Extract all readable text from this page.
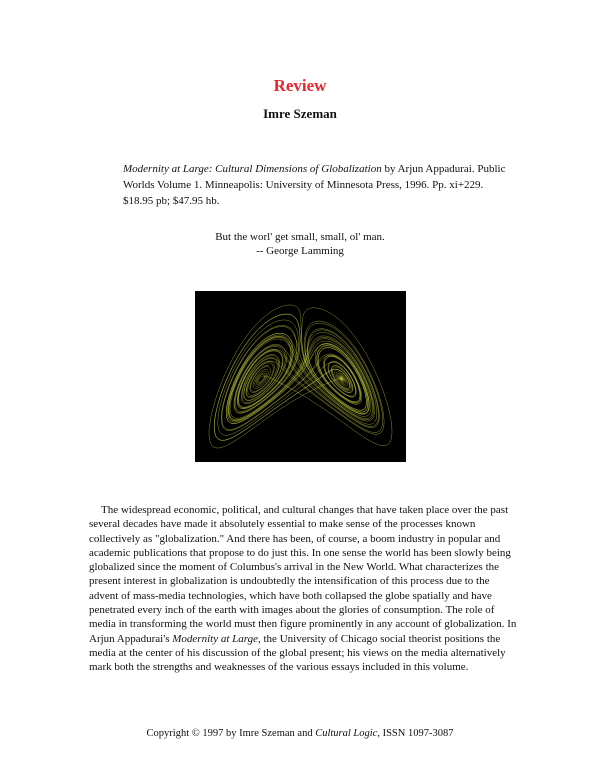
Review
Imre Szeman
Modernity at Large: Cultural Dimensions of Globalization by Arjun Appadurai. Public Worlds Volume 1. Minneapolis: University of Minnesota Press, 1996. Pp. xi+229. $18.95 pb; $47.95 hb.
But the worl' get small, small, ol' man.
-- George Lamming
The widespread economic, political, and cultural changes that have taken place over the past several decades have made it absolutely essential to make sense of the processes known collectively as "globalization." And there has been, of course, a boom industry in popular and academic publications that propose to do just this. In one sense the world has been slowly being globalized since the moment of Columbus's arrival in the New World. What characterizes the present interest in globalization is undoubtedly the intensification of this process due to the advent of mass-media technologies, which have both collapsed the globe spatially and have penetrated every inch of the earth with images about the glories of consumption. The role of media in transforming the world must then figure prominently in any account of globalization. In Arjun Appadurai's Modernity at Large, the University of Chicago social theorist positions the media at the center of his discussion of the global present; his views on the media alternatively mark both the strengths and weaknesses of the various essays included in this volume.
Copyright © 1997 by Imre Szeman and Cultural Logic, ISSN 1097-3087
